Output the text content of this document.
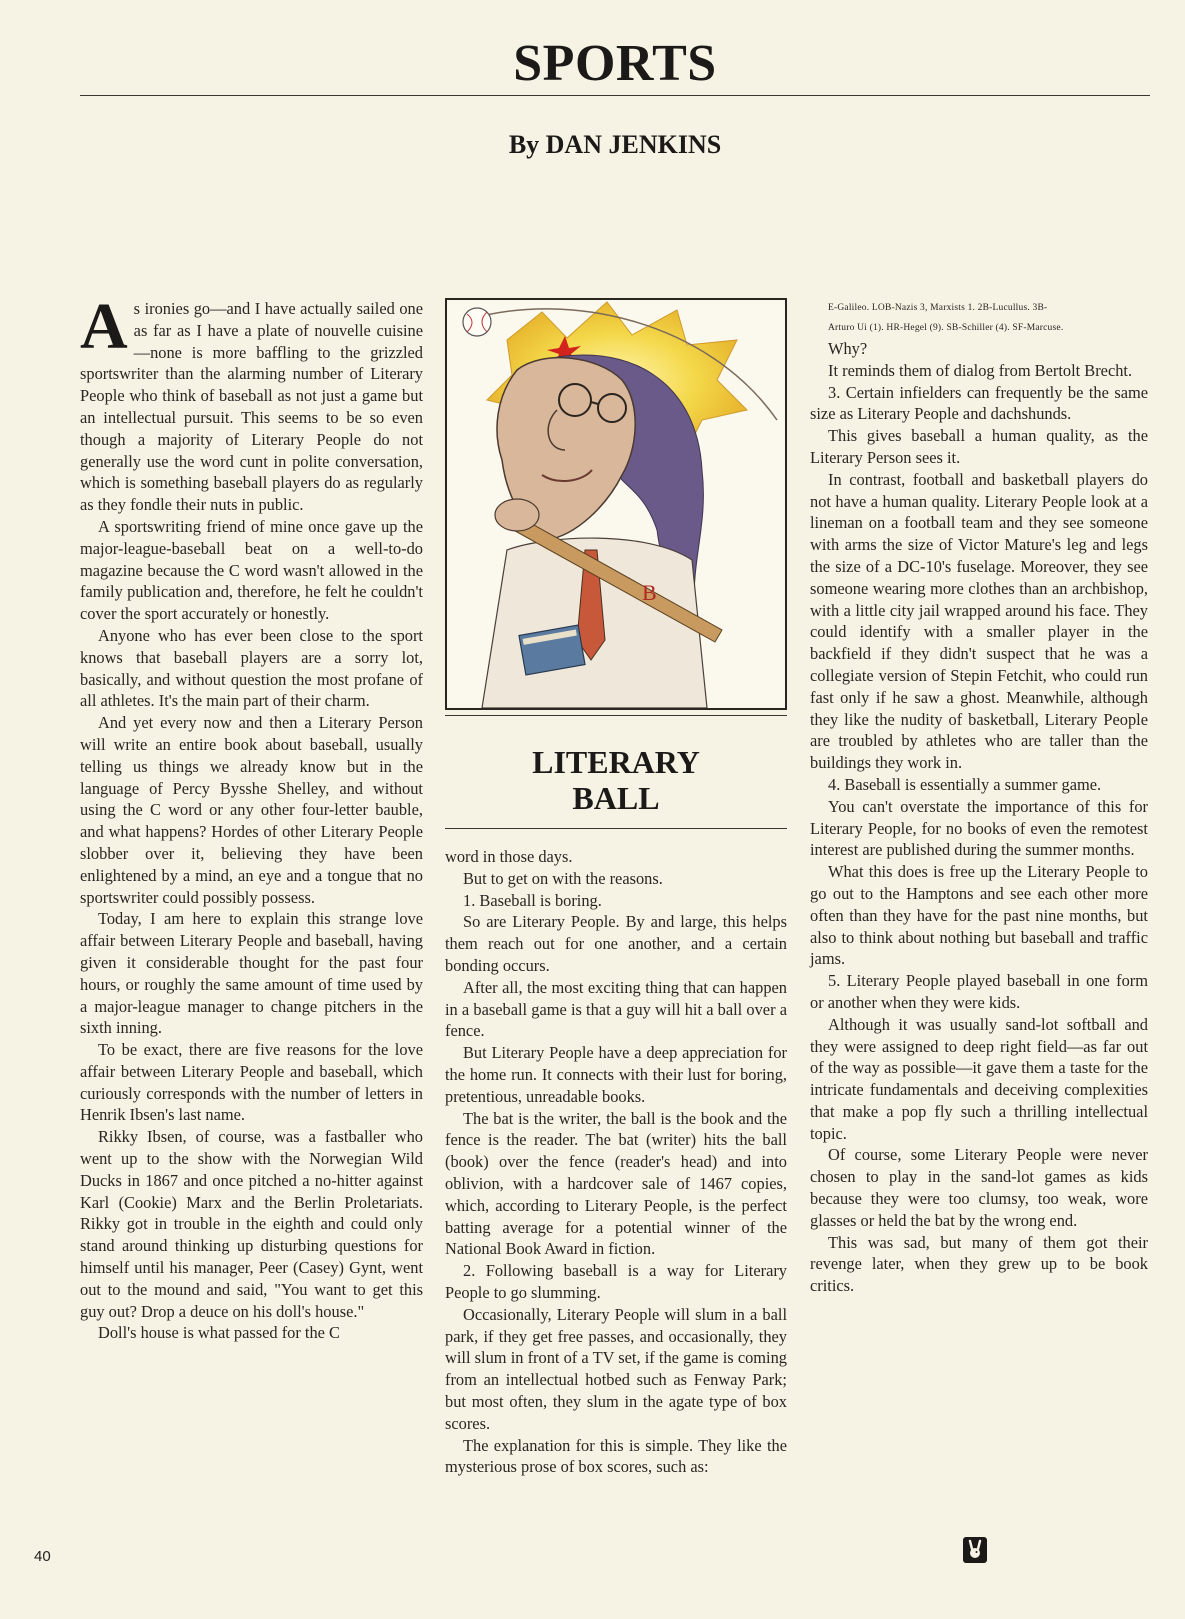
SPORTS
By DAN JENKINS

As ironies go—and I have actually sailed one as far as I have a plate of nouvelle cuisine—none is more baffling to the grizzled sportswriter than the alarming number of Literary People who think of baseball as not just a game but an intellectual pursuit. This seems to be so even though a majority of Literary People do not generally use the word cunt in polite conversation, which is something baseball players do as regularly as they fondle their nuts in public.

A sportswriting friend of mine once gave up the major-league-baseball beat on a well-to-do magazine because the C word wasn't allowed in the family publication and, therefore, he felt he couldn't cover the sport accurately or honestly.

Anyone who has ever been close to the sport knows that baseball players are a sorry lot, basically, and without question the most profane of all athletes. It's the main part of their charm.

And yet every now and then a Literary Person will write an entire book about baseball, usually telling us things we already know but in the language of Percy Bysshe Shelley, and without using the C word or any other four-letter bauble, and what happens? Hordes of other Literary People slobber over it, believing they have been enlightened by a mind, an eye and a tongue that no sportswriter could possibly possess.

Today, I am here to explain this strange love affair between Literary People and baseball, having given it considerable thought for the past four hours, or roughly the same amount of time used by a major-league manager to change pitchers in the sixth inning.

To be exact, there are five reasons for the love affair between Literary People and baseball, which curiously corresponds with the number of letters in Henrik Ibsen's last name.

Rikky Ibsen, of course, was a fastballer who went up to the show with the Norwegian Wild Ducks in 1867 and once pitched a no-hitter against Karl (Cookie) Marx and the Berlin Proletariats. Rikky got in trouble in the eighth and could only stand around thinking up disturbing questions for himself until his manager, Peer (Casey) Gynt, went out to the mound and said, "You want to get this guy out? Drop a deuce on his doll's house."

Doll's house is what passed for the C

B
LITERARY
BALL

word in those days.

But to get on with the reasons.

1. Baseball is boring.

So are Literary People. By and large, this helps them reach out for one another, and a certain bonding occurs.

After all, the most exciting thing that can happen in a baseball game is that a guy will hit a ball over a fence.

But Literary People have a deep appreciation for the home run. It connects with their lust for boring, pretentious, unreadable books.

The bat is the writer, the ball is the book and the fence is the reader. The bat (writer) hits the ball (book) over the fence (reader's head) and into oblivion, with a hardcover sale of 1467 copies, which, according to Literary People, is the perfect batting average for a potential winner of the National Book Award in fiction.

2. Following baseball is a way for Literary People to go slumming.

Occasionally, Literary People will slum in a ball park, if they get free passes, and occasionally, they will slum in front of a TV set, if the game is coming from an intellectual hotbed such as Fenway Park; but most often, they slum in the agate type of box scores.

The explanation for this is simple. They like the mysterious prose of box scores, such as:

E-Galileo. LOB-Nazis 3, Marxists 1. 2B-Lucullus. 3B-

Arturo Ui (1). HR-Hegel (9). SB-Schiller (4). SF-Marcuse.

Why?

It reminds them of dialog from Bertolt Brecht.

3. Certain infielders can frequently be the same size as Literary People and dachshunds.

This gives baseball a human quality, as the Literary Person sees it.

In contrast, football and basketball players do not have a human quality. Literary People look at a lineman on a football team and they see someone with arms the size of Victor Mature's leg and legs the size of a DC-10's fuselage. Moreover, they see someone wearing more clothes than an archbishop, with a little city jail wrapped around his face. They could identify with a smaller player in the backfield if they didn't suspect that he was a collegiate version of Stepin Fetchit, who could run fast only if he saw a ghost. Meanwhile, although they like the nudity of basketball, Literary People are troubled by athletes who are taller than the buildings they work in.

4. Baseball is essentially a summer game.

You can't overstate the importance of this for Literary People, for no books of even the remotest interest are published during the summer months.

What this does is free up the Literary People to go out to the Hamptons and see each other more often than they have for the past nine months, but also to think about nothing but baseball and traffic jams.

5. Literary People played baseball in one form or another when they were kids.

Although it was usually sand-lot softball and they were assigned to deep right field—as far out of the way as possible—it gave them a taste for the intricate fundamentals and deceiving complexities that make a pop fly such a thrilling intellectual topic.

Of course, some Literary People were never chosen to play in the sand-lot games as kids because they were too clumsy, too weak, wore glasses or held the bat by the wrong end.

This was sad, but many of them got their revenge later, when they grew up to be book critics.

40
